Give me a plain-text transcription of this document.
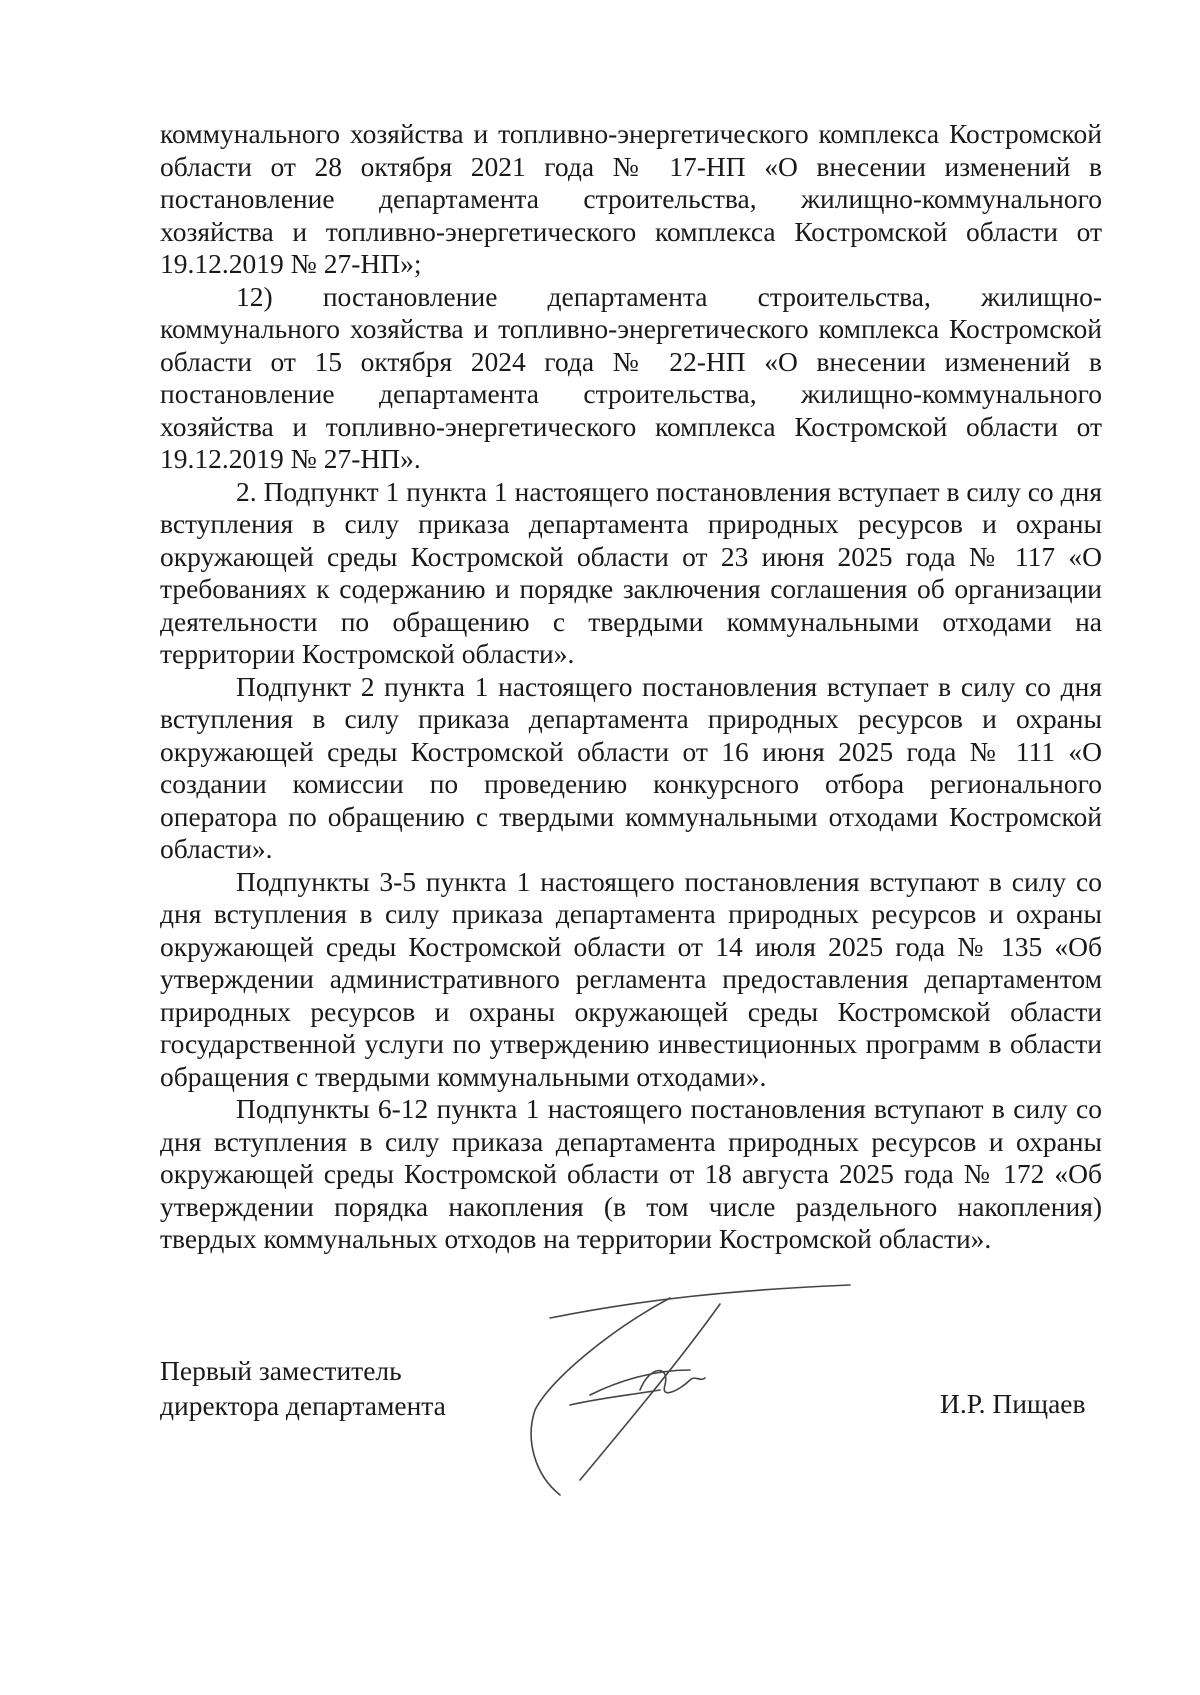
коммунального хозяйства и топливно-энергетического комплекса Костромской области от 28 октября 2021 года № 17-НП «О внесении изменений в постановление департамента строительства, жилищно-коммунального хозяйства и топливно-энергетического комплекса Костромской области от 19.12.2019 № 27-НП»;

12) постановление департамента строительства, жилищно-коммунального хозяйства и топливно-энергетического комплекса Костромской области от 15 октября 2024 года № 22-НП «О внесении изменений в постановление департамента строительства, жилищно-коммунального хозяйства и топливно-энергетического комплекса Костромской области от 19.12.2019 № 27-НП».

2. Подпункт 1 пункта 1 настоящего постановления вступает в силу со дня вступления в силу приказа департамента природных ресурсов и охраны окружающей среды Костромской области от 23 июня 2025 года № 117 «О требованиях к содержанию и порядке заключения соглашения об организации деятельности по обращению с твердыми коммунальными отходами на территории Костромской области».

Подпункт 2 пункта 1 настоящего постановления вступает в силу со дня вступления в силу приказа департамента природных ресурсов и охраны окружающей среды Костромской области от 16 июня 2025 года № 111 «О создании комиссии по проведению конкурсного отбора регионального оператора по обращению с твердыми коммунальными отходами Костромской области».

Подпункты 3-5 пункта 1 настоящего постановления вступают в силу со дня вступления в силу приказа департамента природных ресурсов и охраны окружающей среды Костромской области от 14 июля 2025 года № 135 «Об утверждении административного регламента предоставления департаментом природных ресурсов и охраны окружающей среды Костромской области государственной услуги по утверждению инвестиционных программ в области обращения с твердыми коммунальными отходами».

Подпункты 6-12 пункта 1 настоящего постановления вступают в силу со дня вступления в силу приказа департамента природных ресурсов и охраны окружающей среды Костромской области от 18 августа 2025 года № 172 «Об утверждении порядка накопления (в том числе раздельного накопления) твердых коммунальных отходов на территории Костромской области».

Первый заместитель
директора департамента	И.Р. Пищаев
